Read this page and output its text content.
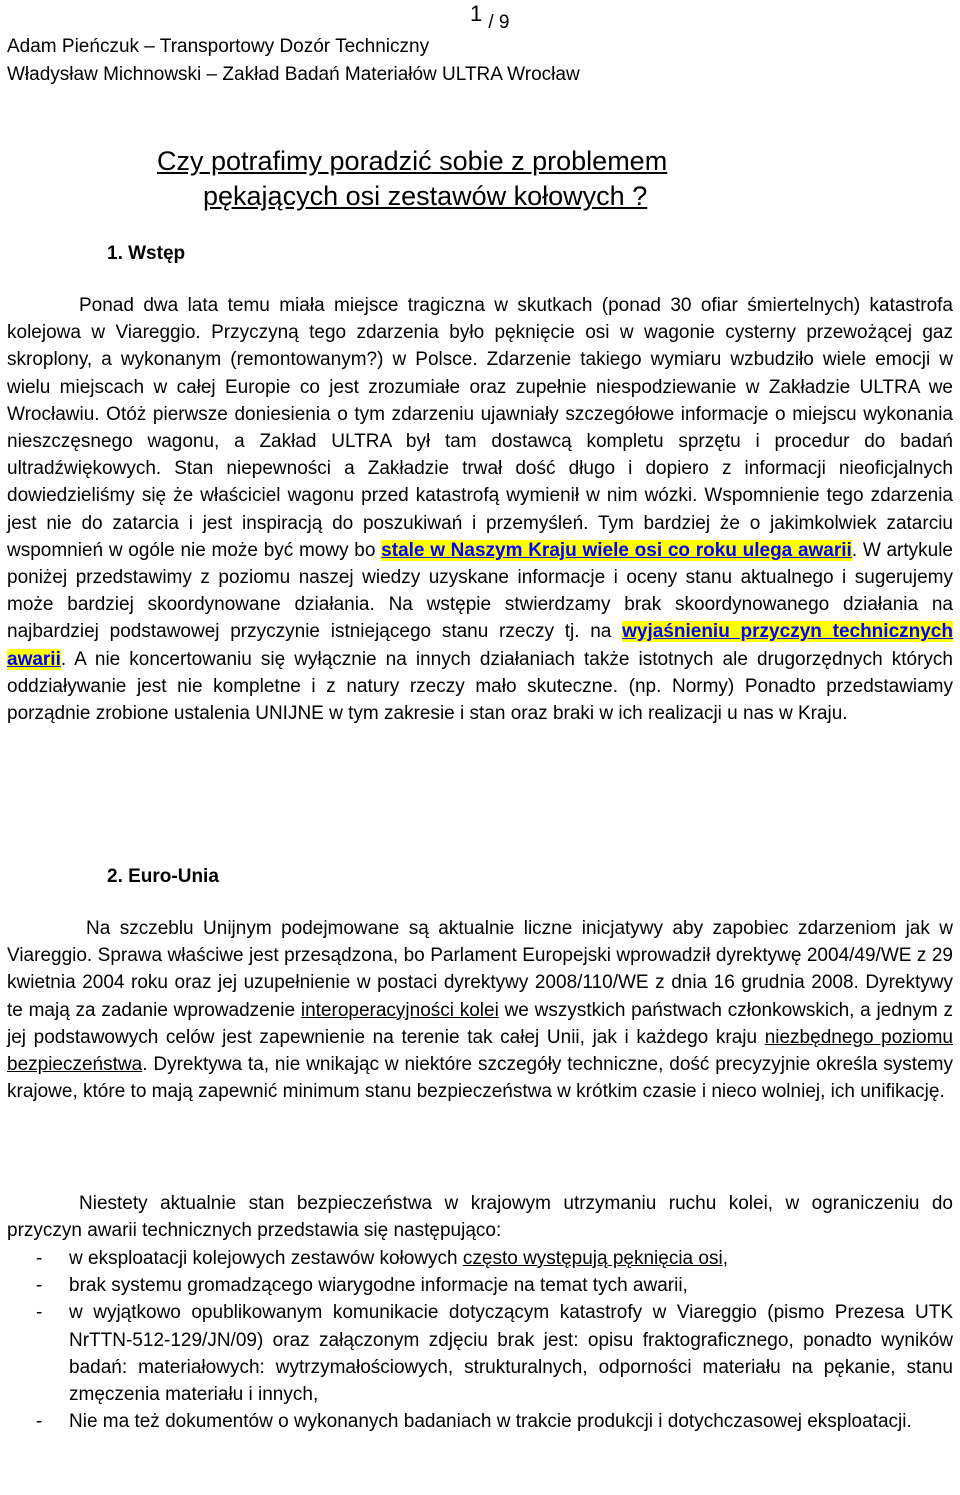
1 / 9
Adam Pieńczuk – Transportowy Dozór Techniczny
Władysław Michnowski – Zakład Badań Materiałów ULTRA Wrocław
Czy potrafimy poradzić sobie z problemem
pękających osi zestawów kołowych ?
1. Wstęp
Ponad dwa lata temu miała miejsce tragiczna w skutkach (ponad 30 ofiar śmiertelnych) katastrofa kolejowa w Viareggio. Przyczyną tego zdarzenia było pęknięcie osi w wagonie cysterny przewożącej gaz skroplony, a wykonanym (remontowanym?) w Polsce. Zdarzenie takiego wymiaru wzbudziło wiele emocji w wielu miejscach w całej Europie co jest zrozumiałe oraz zupełnie niespodziewanie w Zakładzie ULTRA we Wrocławiu. Otóż pierwsze doniesienia o tym zdarzeniu ujawniały szczegółowe informacje o miejscu wykonania nieszczęsnego wagonu, a Zakład ULTRA był tam dostawcą kompletu sprzętu i procedur do badań ultradźwiękowych. Stan niepewności a Zakładzie trwał dość długo i dopiero z informacji nieoficjalnych dowiedzieliśmy się że właściciel wagonu przed katastrofą wymienił w nim wózki. Wspomnienie tego zdarzenia jest nie do zatarcia i jest inspiracją do poszukiwań i przemyśleń. Tym bardziej że o jakimkolwiek zatarciu wspomnień w ogóle nie może być mowy bo stale w Naszym Kraju wiele osi co roku ulega awarii. W artykule poniżej przedstawimy z poziomu naszej wiedzy uzyskane informacje i oceny stanu aktualnego i sugerujemy może bardziej skoordynowane działania. Na wstępie stwierdzamy brak skoordynowanego działania na najbardziej podstawowej przyczynie istniejącego stanu rzeczy tj. na wyjaśnieniu przyczyn technicznych awarii. A nie koncertowaniu się wyłącznie na innych działaniach także istotnych ale drugorzędnych których oddziaływanie jest nie kompletne i z natury rzeczy mało skuteczne. (np. Normy) Ponadto przedstawiamy porządnie zrobione ustalenia UNIJNE w tym zakresie i stan oraz braki w ich realizacji u nas w Kraju.
2. Euro-Unia
Na szczeblu Unijnym podejmowane są aktualnie liczne inicjatywy aby zapobiec zdarzeniom jak w Viareggio. Sprawa właściwe jest przesądzona, bo Parlament Europejski wprowadził dyrektywę 2004/49/WE z 29 kwietnia 2004 roku oraz jej uzupełnienie w postaci dyrektywy 2008/110/WE z dnia 16 grudnia 2008. Dyrektywy te mają za zadanie wprowadzenie interoperacyjności kolei we wszystkich państwach członkowskich, a jednym z jej podstawowych celów jest zapewnienie na terenie tak całej Unii, jak i każdego kraju niezbędnego poziomu bezpieczeństwa. Dyrektywa ta, nie wnikając w niektóre szczegóły techniczne, dość precyzyjnie określa systemy krajowe, które to mają zapewnić minimum stanu bezpieczeństwa w krótkim czasie i nieco wolniej, ich unifikację.
Niestety aktualnie stan bezpieczeństwa w krajowym utrzymaniu ruchu kolei, w ograniczeniu do przyczyn awarii technicznych przedstawia się następująco:
- w eksploatacji kolejowych zestawów kołowych często występują pęknięcia osi,
- brak systemu gromadzącego wiarygodne informacje na temat tych awarii,
- w wyjątkowo opublikowanym komunikacie dotyczącym katastrofy w Viareggio (pismo Prezesa UTK NrTTN-512-129/JN/09) oraz załączonym zdjęciu brak jest: opisu fraktograficznego, ponadto wyników badań: materiałowych: wytrzymałościowych, strukturalnych, odporności materiału na pękanie, stanu zmęczenia materiału i innych,
- Nie ma też dokumentów o wykonanych badaniach w trakcie produkcji i dotychczasowej eksploatacji.
